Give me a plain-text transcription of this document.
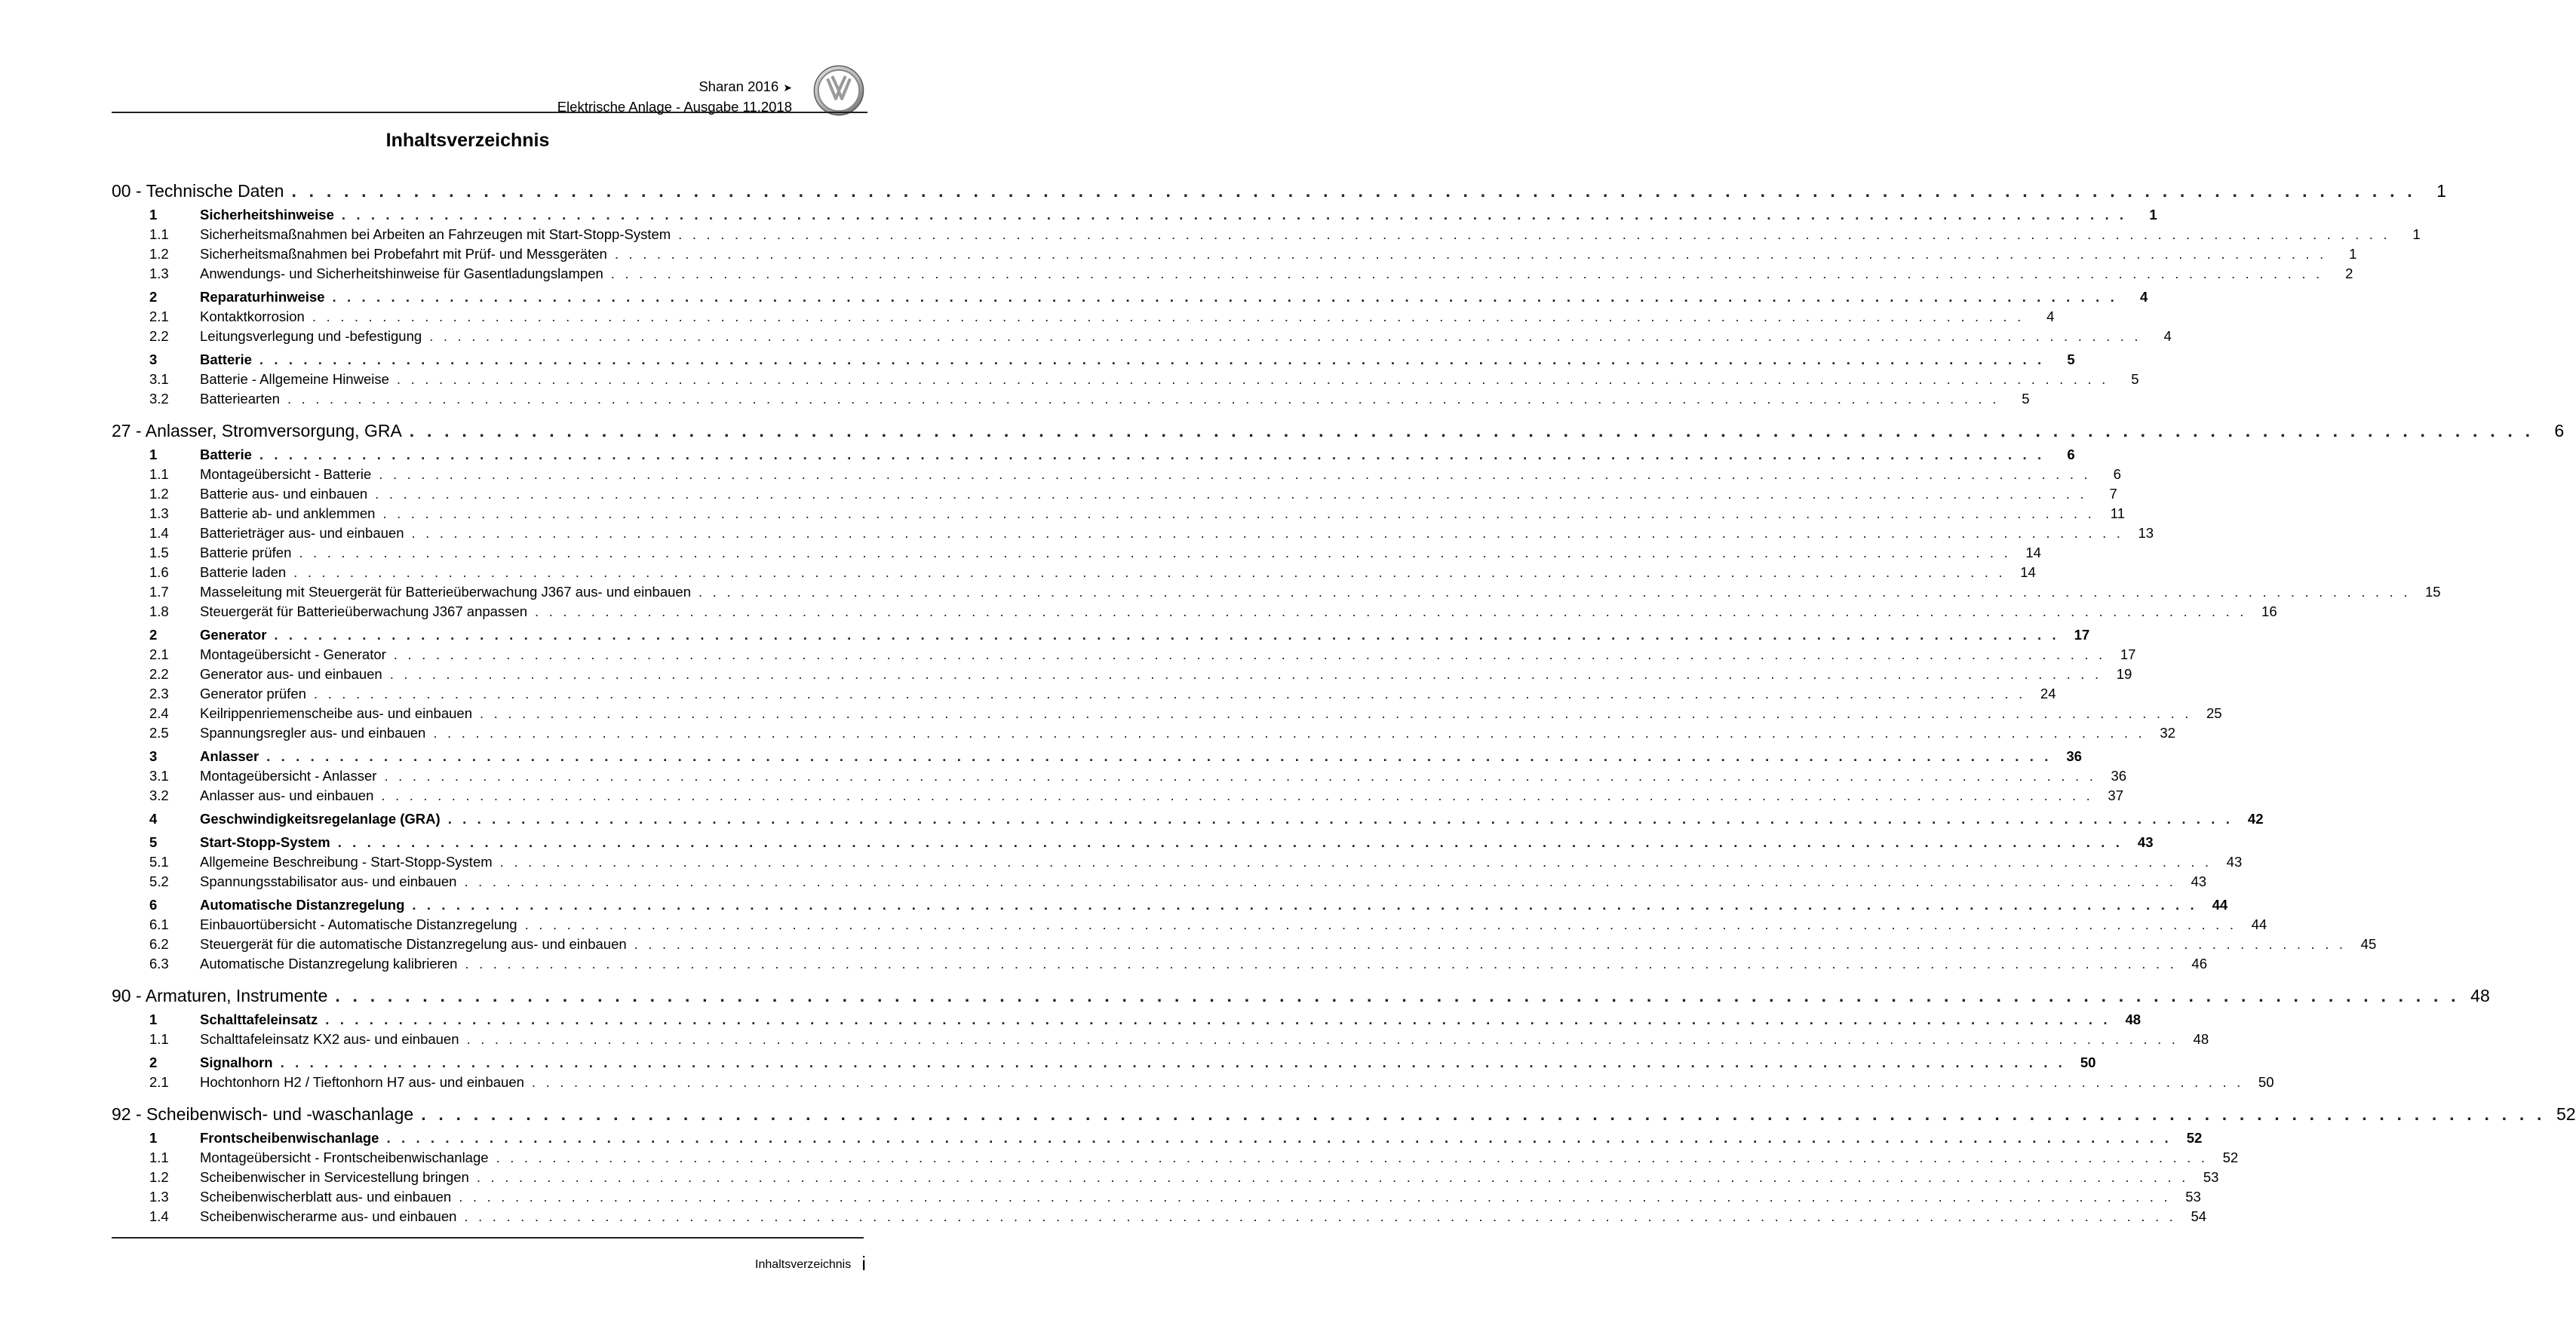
Sharan 2016 ➤
Elektrische Anlage - Ausgabe 11.2018
Inhaltsverzeichnis
00 - Technische Daten . . . . . . . . . . . . . . . . . . . . . . . . . . . . . . . . . . . . . . . . . . . . . . . . . . . . . . . . . . . . . . . . . . . . . . . . . . . . . . . . . . . . . . . . . . . . . . . . . . . . . . . . . . . . . . . . . . . . . . . . . .	1
1	Sicherheitshinweise . . . . . . . . . . . . . . . . . . . . . . . . . . . . . . . . . . . . . . . . . . . . . . . . . . . . . . . . . . . . . . . . . . . . . . . . . . . . . . . . . . . . . . . . . . . . . . . . . . . . . . . . . . . . . . . . . . . . . . . . . .	1
1.1	Sicherheitsmaßnahmen bei Arbeiten an Fahrzeugen mit Start-Stopp-System . . . . . . . . . . . . . . . . . . . . . . . . . . . . . . . . . . . . . . . . . . . . . . . . . . . . . . . . . . . . . . . . . . . . . . . . . . . . . . . . . . . . . . . . . . . . . . . . . . . . . . . . . . . . . . . . . . . . . . . . . .	1
1.2	Sicherheitsmaßnahmen bei Probefahrt mit Prüf- und Messgeräten . . . . . . . . . . . . . . . . . . . . . . . . . . . . . . . . . . . . . . . . . . . . . . . . . . . . . . . . . . . . . . . . . . . . . . . . . . . . . . . . . . . . . . . . . . . . . . . . . . . . . . . . . . . . . . . . . . . . . . . . . .	1
1.3	Anwendungs- und Sicherheitshinweise für Gasentladungslampen . . . . . . . . . . . . . . . . . . . . . . . . . . . . . . . . . . . . . . . . . . . . . . . . . . . . . . . . . . . . . . . . . . . . . . . . . . . . . . . . . . . . . . . . . . . . . . . . . . . . . . . . . . . . . . . . . . . . . . . . . .	2
2	Reparaturhinweise . . . . . . . . . . . . . . . . . . . . . . . . . . . . . . . . . . . . . . . . . . . . . . . . . . . . . . . . . . . . . . . . . . . . . . . . . . . . . . . . . . . . . . . . . . . . . . . . . . . . . . . . . . . . . . . . . . . . . . . . . .	4
2.1	Kontaktkorrosion . . . . . . . . . . . . . . . . . . . . . . . . . . . . . . . . . . . . . . . . . . . . . . . . . . . . . . . . . . . . . . . . . . . . . . . . . . . . . . . . . . . . . . . . . . . . . . . . . . . . . . . . . . . . . . . . . . . . . . . . . .	4
2.2	Leitungsverlegung und -befestigung . . . . . . . . . . . . . . . . . . . . . . . . . . . . . . . . . . . . . . . . . . . . . . . . . . . . . . . . . . . . . . . . . . . . . . . . . . . . . . . . . . . . . . . . . . . . . . . . . . . . . . . . . . . . . . . . . . . . . . . . . .	4
3	Batterie . . . . . . . . . . . . . . . . . . . . . . . . . . . . . . . . . . . . . . . . . . . . . . . . . . . . . . . . . . . . . . . . . . . . . . . . . . . . . . . . . . . . . . . . . . . . . . . . . . . . . . . . . . . . . . . . . . . . . . . . . .	5
3.1	Batterie - Allgemeine Hinweise . . . . . . . . . . . . . . . . . . . . . . . . . . . . . . . . . . . . . . . . . . . . . . . . . . . . . . . . . . . . . . . . . . . . . . . . . . . . . . . . . . . . . . . . . . . . . . . . . . . . . . . . . . . . . . . . . . . . . . . . . .	5
3.2	Batteriearten . . . . . . . . . . . . . . . . . . . . . . . . . . . . . . . . . . . . . . . . . . . . . . . . . . . . . . . . . . . . . . . . . . . . . . . . . . . . . . . . . . . . . . . . . . . . . . . . . . . . . . . . . . . . . . . . . . . . . . . . . .	5
27 - Anlasser, Stromversorgung, GRA . . . . . . . . . . . . . . . . . . . . . . . . . . . . . . . . . . . . . . . . . . . . . . . . . . . . . . . . . . . . . . . . . . . . . . . . . . . . . . . . . . . . . . . . . . . . . . . . . . . . . . . . . . . . . . . . . . . . . . . . . .	6
1	Batterie . . . . . . . . . . . . . . . . . . . . . . . . . . . . . . . . . . . . . . . . . . . . . . . . . . . . . . . . . . . . . . . . . . . . . . . . . . . . . . . . . . . . . . . . . . . . . . . . . . . . . . . . . . . . . . . . . . . . . . . . . .	6
1.1	Montageübersicht - Batterie . . . . . . . . . . . . . . . . . . . . . . . . . . . . . . . . . . . . . . . . . . . . . . . . . . . . . . . . . . . . . . . . . . . . . . . . . . . . . . . . . . . . . . . . . . . . . . . . . . . . . . . . . . . . . . . . . . . . . . . . . .	6
1.2	Batterie aus- und einbauen . . . . . . . . . . . . . . . . . . . . . . . . . . . . . . . . . . . . . . . . . . . . . . . . . . . . . . . . . . . . . . . . . . . . . . . . . . . . . . . . . . . . . . . . . . . . . . . . . . . . . . . . . . . . . . . . . . . . . . . . . .	7
1.3	Batterie ab- und anklemmen . . . . . . . . . . . . . . . . . . . . . . . . . . . . . . . . . . . . . . . . . . . . . . . . . . . . . . . . . . . . . . . . . . . . . . . . . . . . . . . . . . . . . . . . . . . . . . . . . . . . . . . . . . . . . . . . . . . . . . . . . .	11
1.4	Batterieträger aus- und einbauen . . . . . . . . . . . . . . . . . . . . . . . . . . . . . . . . . . . . . . . . . . . . . . . . . . . . . . . . . . . . . . . . . . . . . . . . . . . . . . . . . . . . . . . . . . . . . . . . . . . . . . . . . . . . . . . . . . . . . . . . . .	13
1.5	Batterie prüfen . . . . . . . . . . . . . . . . . . . . . . . . . . . . . . . . . . . . . . . . . . . . . . . . . . . . . . . . . . . . . . . . . . . . . . . . . . . . . . . . . . . . . . . . . . . . . . . . . . . . . . . . . . . . . . . . . . . . . . . . . .	14
1.6	Batterie laden . . . . . . . . . . . . . . . . . . . . . . . . . . . . . . . . . . . . . . . . . . . . . . . . . . . . . . . . . . . . . . . . . . . . . . . . . . . . . . . . . . . . . . . . . . . . . . . . . . . . . . . . . . . . . . . . . . . . . . . . . .	14
1.7	Masseleitung mit Steuergerät für Batterieüberwachung J367 aus- und einbauen . . . . . . . . . . . . . . . . . . . . . . . . . . . . . . . . . . . . . . . . . . . . . . . . . . . . . . . . . . . . . . . . . . . . . . . . . . . . . . . . . . . . . . . . . . . . . . . . . . . . . . . . . . . . . . . . . . . . . . . . . .	15
1.8	Steuergerät für Batterieüberwachung J367 anpassen . . . . . . . . . . . . . . . . . . . . . . . . . . . . . . . . . . . . . . . . . . . . . . . . . . . . . . . . . . . . . . . . . . . . . . . . . . . . . . . . . . . . . . . . . . . . . . . . . . . . . . . . . . . . . . . . . . . . . . . . . .	16
2	Generator . . . . . . . . . . . . . . . . . . . . . . . . . . . . . . . . . . . . . . . . . . . . . . . . . . . . . . . . . . . . . . . . . . . . . . . . . . . . . . . . . . . . . . . . . . . . . . . . . . . . . . . . . . . . . . . . . . . . . . . . . .	17
2.1	Montageübersicht - Generator . . . . . . . . . . . . . . . . . . . . . . . . . . . . . . . . . . . . . . . . . . . . . . . . . . . . . . . . . . . . . . . . . . . . . . . . . . . . . . . . . . . . . . . . . . . . . . . . . . . . . . . . . . . . . . . . . . . . . . . . . .	17
2.2	Generator aus- und einbauen . . . . . . . . . . . . . . . . . . . . . . . . . . . . . . . . . . . . . . . . . . . . . . . . . . . . . . . . . . . . . . . . . . . . . . . . . . . . . . . . . . . . . . . . . . . . . . . . . . . . . . . . . . . . . . . . . . . . . . . . . .	19
2.3	Generator prüfen . . . . . . . . . . . . . . . . . . . . . . . . . . . . . . . . . . . . . . . . . . . . . . . . . . . . . . . . . . . . . . . . . . . . . . . . . . . . . . . . . . . . . . . . . . . . . . . . . . . . . . . . . . . . . . . . . . . . . . . . . .	24
2.4	Keilrippenriemenscheibe aus- und einbauen . . . . . . . . . . . . . . . . . . . . . . . . . . . . . . . . . . . . . . . . . . . . . . . . . . . . . . . . . . . . . . . . . . . . . . . . . . . . . . . . . . . . . . . . . . . . . . . . . . . . . . . . . . . . . . . . . . . . . . . . . .	25
2.5	Spannungsregler aus- und einbauen . . . . . . . . . . . . . . . . . . . . . . . . . . . . . . . . . . . . . . . . . . . . . . . . . . . . . . . . . . . . . . . . . . . . . . . . . . . . . . . . . . . . . . . . . . . . . . . . . . . . . . . . . . . . . . . . . . . . . . . . . .	32
3	Anlasser . . . . . . . . . . . . . . . . . . . . . . . . . . . . . . . . . . . . . . . . . . . . . . . . . . . . . . . . . . . . . . . . . . . . . . . . . . . . . . . . . . . . . . . . . . . . . . . . . . . . . . . . . . . . . . . . . . . . . . . . . .	36
3.1	Montageübersicht - Anlasser . . . . . . . . . . . . . . . . . . . . . . . . . . . . . . . . . . . . . . . . . . . . . . . . . . . . . . . . . . . . . . . . . . . . . . . . . . . . . . . . . . . . . . . . . . . . . . . . . . . . . . . . . . . . . . . . . . . . . . . . . .	36
3.2	Anlasser aus- und einbauen . . . . . . . . . . . . . . . . . . . . . . . . . . . . . . . . . . . . . . . . . . . . . . . . . . . . . . . . . . . . . . . . . . . . . . . . . . . . . . . . . . . . . . . . . . . . . . . . . . . . . . . . . . . . . . . . . . . . . . . . . .	37
4	Geschwindigkeitsregelanlage (GRA) . . . . . . . . . . . . . . . . . . . . . . . . . . . . . . . . . . . . . . . . . . . . . . . . . . . . . . . . . . . . . . . . . . . . . . . . . . . . . . . . . . . . . . . . . . . . . . . . . . . . . . . . . . . . . . . . . . . . . . . . . .	42
5	Start-Stopp-System . . . . . . . . . . . . . . . . . . . . . . . . . . . . . . . . . . . . . . . . . . . . . . . . . . . . . . . . . . . . . . . . . . . . . . . . . . . . . . . . . . . . . . . . . . . . . . . . . . . . . . . . . . . . . . . . . . . . . . . . . .	43
5.1	Allgemeine Beschreibung - Start-Stopp-System . . . . . . . . . . . . . . . . . . . . . . . . . . . . . . . . . . . . . . . . . . . . . . . . . . . . . . . . . . . . . . . . . . . . . . . . . . . . . . . . . . . . . . . . . . . . . . . . . . . . . . . . . . . . . . . . . . . . . . . . . .	43
5.2	Spannungsstabilisator aus- und einbauen . . . . . . . . . . . . . . . . . . . . . . . . . . . . . . . . . . . . . . . . . . . . . . . . . . . . . . . . . . . . . . . . . . . . . . . . . . . . . . . . . . . . . . . . . . . . . . . . . . . . . . . . . . . . . . . . . . . . . . . . . .	43
6	Automatische Distanzregelung . . . . . . . . . . . . . . . . . . . . . . . . . . . . . . . . . . . . . . . . . . . . . . . . . . . . . . . . . . . . . . . . . . . . . . . . . . . . . . . . . . . . . . . . . . . . . . . . . . . . . . . . . . . . . . . . . . . . . . . . . .	44
6.1	Einbauortübersicht - Automatische Distanzregelung . . . . . . . . . . . . . . . . . . . . . . . . . . . . . . . . . . . . . . . . . . . . . . . . . . . . . . . . . . . . . . . . . . . . . . . . . . . . . . . . . . . . . . . . . . . . . . . . . . . . . . . . . . . . . . . . . . . . . . . . . .	44
6.2	Steuergerät für die automatische Distanzregelung aus- und einbauen . . . . . . . . . . . . . . . . . . . . . . . . . . . . . . . . . . . . . . . . . . . . . . . . . . . . . . . . . . . . . . . . . . . . . . . . . . . . . . . . . . . . . . . . . . . . . . . . . . . . . . . . . . . . . . . . . . . . . . . . . .	45
6.3	Automatische Distanzregelung kalibrieren . . . . . . . . . . . . . . . . . . . . . . . . . . . . . . . . . . . . . . . . . . . . . . . . . . . . . . . . . . . . . . . . . . . . . . . . . . . . . . . . . . . . . . . . . . . . . . . . . . . . . . . . . . . . . . . . . . . . . . . . . .	46
90 - Armaturen, Instrumente . . . . . . . . . . . . . . . . . . . . . . . . . . . . . . . . . . . . . . . . . . . . . . . . . . . . . . . . . . . . . . . . . . . . . . . . . . . . . . . . . . . . . . . . . . . . . . . . . . . . . . . . . . . . . . . . . . . . . . . . . . 48
1	Schalttafeleinsatz . . . . . . . . . . . . . . . . . . . . . . . . . . . . . . . . . . . . . . . . . . . . . . . . . . . . . . . . . . . . . . . . . . . . . . . . . . . . . . . . . . . . . . . . . . . . . . . . . . . . . . . . . . . . . . . . . . . . . . . . . .	48
1.1	Schalttafeleinsatz KX2 aus- und einbauen . . . . . . . . . . . . . . . . . . . . . . . . . . . . . . . . . . . . . . . . . . . . . . . . . . . . . . . . . . . . . . . . . . . . . . . . . . . . . . . . . . . . . . . . . . . . . . . . . . . . . . . . . . . . . . . . . . . . . . . . . .	48
2	Signalhorn . . . . . . . . . . . . . . . . . . . . . . . . . . . . . . . . . . . . . . . . . . . . . . . . . . . . . . . . . . . . . . . . . . . . . . . . . . . . . . . . . . . . . . . . . . . . . . . . . . . . . . . . . . . . . . . . . . . . . . . . . .	50
2.1	Hochtonhorn H2 / Tieftonhorn H7 aus- und einbauen . . . . . . . . . . . . . . . . . . . . . . . . . . . . . . . . . . . . . . . . . . . . . . . . . . . . . . . . . . . . . . . . . . . . . . . . . . . . . . . . . . . . . . . . . . . . . . . . . . . . . . . . . . . . . . . . . . . . . . . . . .	50
92 - Scheibenwisch- und -waschanlage . . . . . . . . . . . . . . . . . . . . . . . . . . . . . . . . . . . . . . . . . . . . . . . . . . . . . . . . . . . . . . . . . . . . . . . . . . . . . . . . . . . . . . . . . . . . . . . . . . . . . . . . . . . . . . . . . . . . . . . . . . 52
1	Frontscheibenwischanlage . . . . . . . . . . . . . . . . . . . . . . . . . . . . . . . . . . . . . . . . . . . . . . . . . . . . . . . . . . . . . . . . . . . . . . . . . . . . . . . . . . . . . . . . . . . . . . . . . . . . . . . . . . . . . . . . . . . . . . . . . .	52
1.1	Montageübersicht - Frontscheibenwischanlage . . . . . . . . . . . . . . . . . . . . . . . . . . . . . . . . . . . . . . . . . . . . . . . . . . . . . . . . . . . . . . . . . . . . . . . . . . . . . . . . . . . . . . . . . . . . . . . . . . . . . . . . . . . . . . . . . . . . . . . . . .	52
1.2	Scheibenwischer in Servicestellung bringen . . . . . . . . . . . . . . . . . . . . . . . . . . . . . . . . . . . . . . . . . . . . . . . . . . . . . . . . . . . . . . . . . . . . . . . . . . . . . . . . . . . . . . . . . . . . . . . . . . . . . . . . . . . . . . . . . . . . . . . . . .	53
1.3	Scheibenwischerblatt aus- und einbauen . . . . . . . . . . . . . . . . . . . . . . . . . . . . . . . . . . . . . . . . . . . . . . . . . . . . . . . . . . . . . . . . . . . . . . . . . . . . . . . . . . . . . . . . . . . . . . . . . . . . . . . . . . . . . . . . . . . . . . . . . .	53
1.4	Scheibenwischerarme aus- und einbauen . . . . . . . . . . . . . . . . . . . . . . . . . . . . . . . . . . . . . . . . . . . . . . . . . . . . . . . . . . . . . . . . . . . . . . . . . . . . . . . . . . . . . . . . . . . . . . . . . . . . . . . . . . . . . . . . . . . . . . . . . .	54
Inhaltsverzeichnis i
